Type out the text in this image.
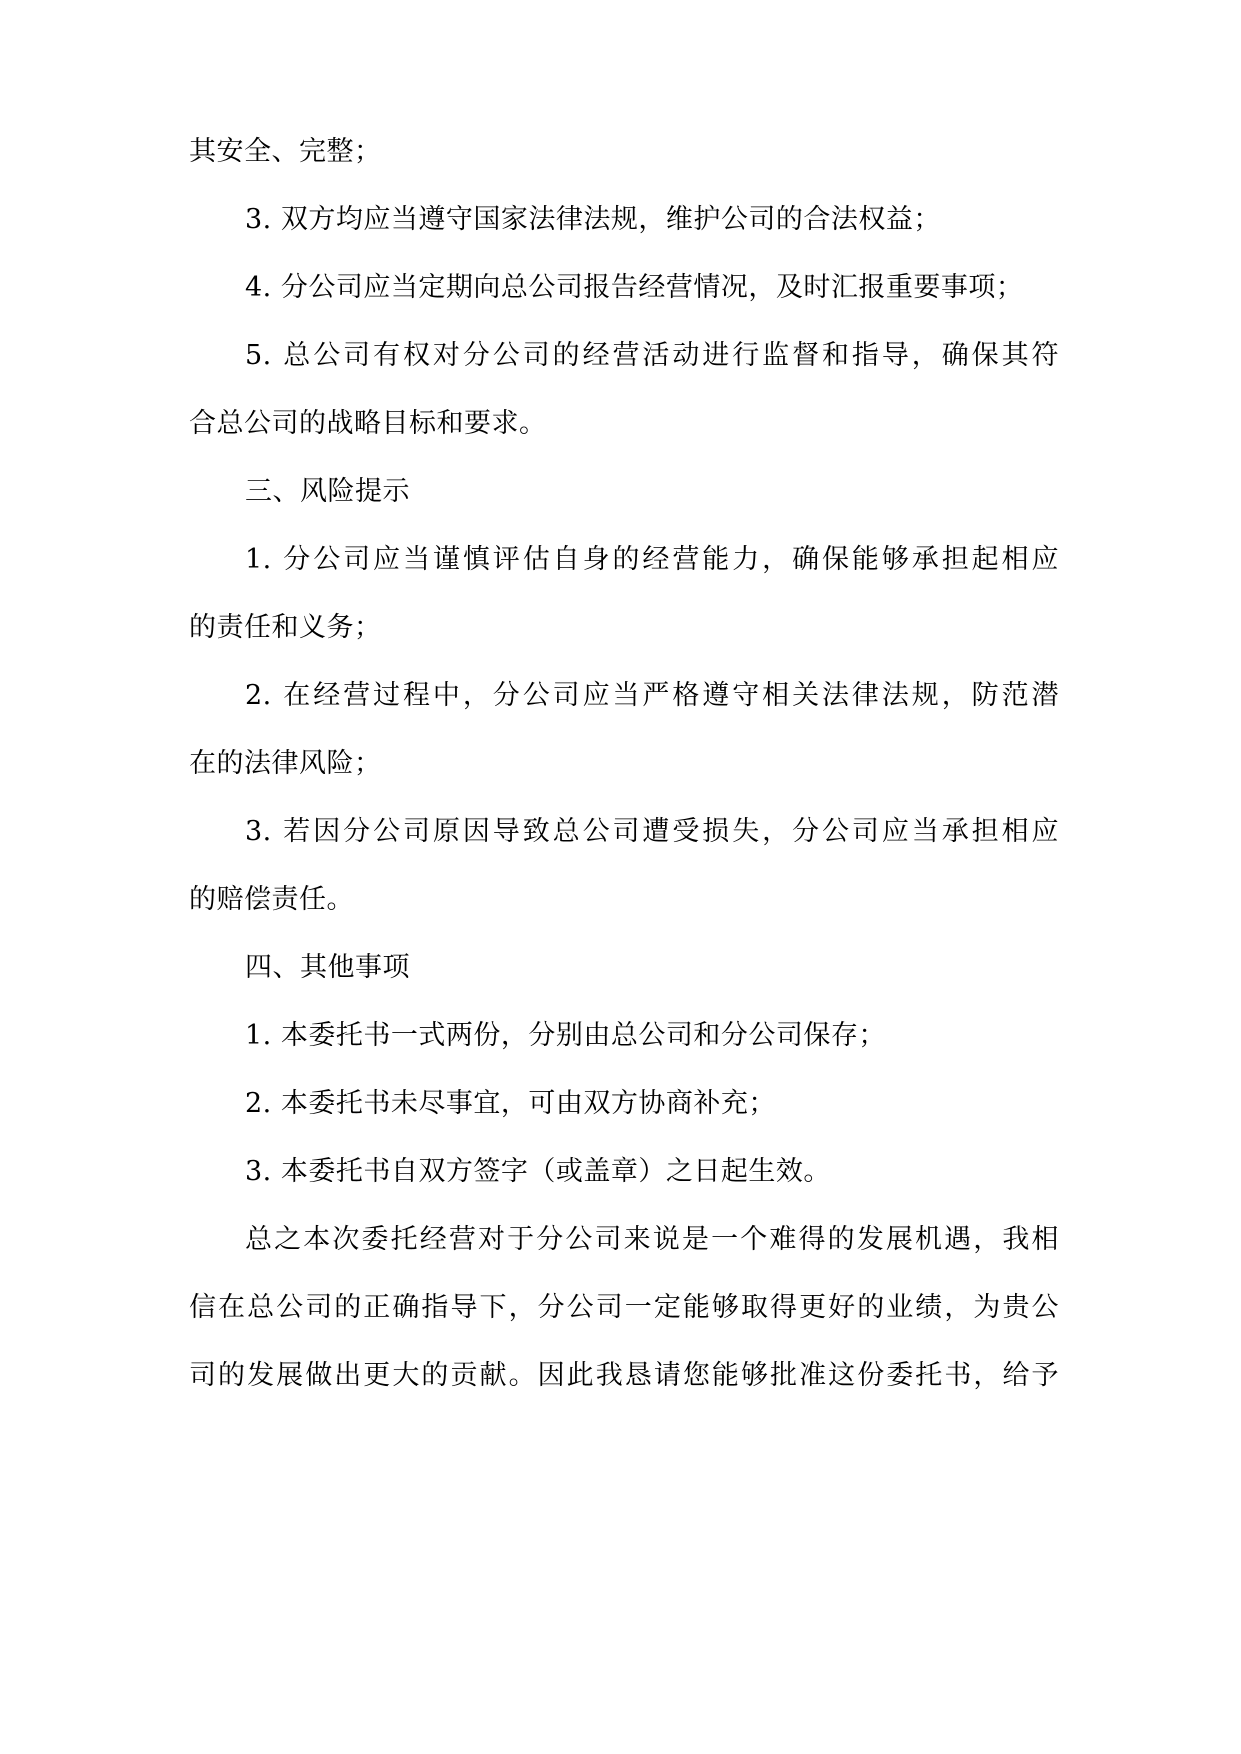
其安全、完整；
3. 双方均应当遵守国家法律法规，维护公司的合法权益；
4. 分公司应当定期向总公司报告经营情况，及时汇报重要事项；
5. 总公司有权对分公司的经营活动进行监督和指导，确保其符
合总公司的战略目标和要求。
三、风险提示
1. 分公司应当谨慎评估自身的经营能力，确保能够承担起相应
的责任和义务；
2. 在经营过程中，分公司应当严格遵守相关法律法规，防范潜
在的法律风险；
3. 若因分公司原因导致总公司遭受损失，分公司应当承担相应
的赔偿责任。
四、其他事项
1. 本委托书一式两份，分别由总公司和分公司保存；
2. 本委托书未尽事宜，可由双方协商补充；
3. 本委托书自双方签字（或盖章）之日起生效。
总之本次委托经营对于分公司来说是一个难得的发展机遇，我相
信在总公司的正确指导下，分公司一定能够取得更好的业绩，为贵公
司的发展做出更大的贡献。因此我恳请您能够批准这份委托书，给予
